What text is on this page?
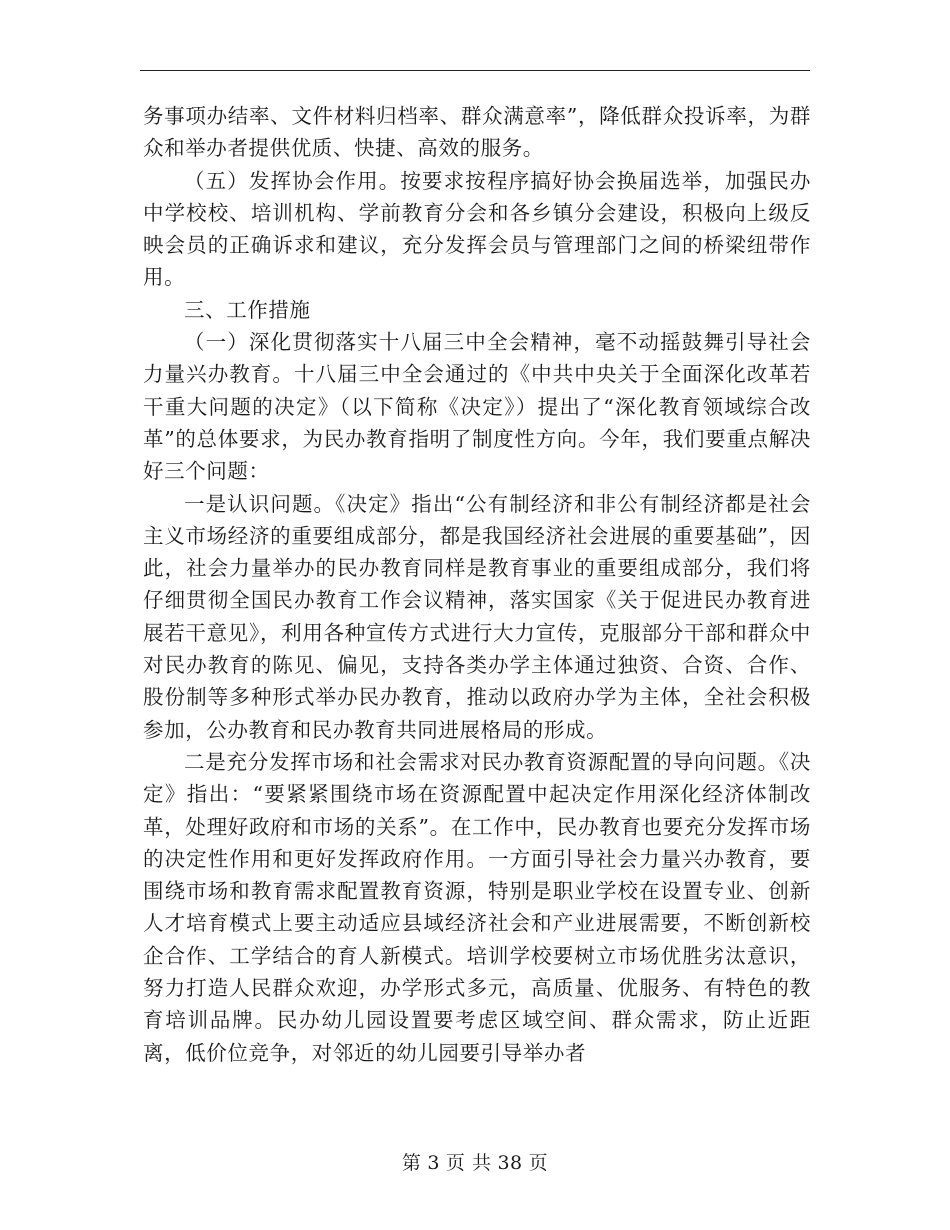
务事项办结率、文件材料归档率、群众满意率”，降低群众投诉率，为群众和举办者提供优质、快捷、高效的服务。

（五）发挥协会作用。按要求按程序搞好协会换届选举，加强民办中学校校、培训机构、学前教育分会和各乡镇分会建设，积极向上级反映会员的正确诉求和建议，充分发挥会员与管理部门之间的桥梁纽带作用。

三、工作措施

（一）深化贯彻落实十八届三中全会精神，毫不动摇鼓舞引导社会力量兴办教育。十八届三中全会通过的《中共中央关于全面深化改革若干重大问题的决定》（以下简称《决定》）提出了“深化教育领域综合改革”的总体要求，为民办教育指明了制度性方向。今年，我们要重点解决好三个问题：

一是认识问题。《决定》指出“公有制经济和非公有制经济都是社会主义市场经济的重要组成部分，都是我国经济社会进展的重要基础”，因此，社会力量举办的民办教育同样是教育事业的重要组成部分，我们将仔细贯彻全国民办教育工作会议精神，落实国家《关于促进民办教育进展若干意见》，利用各种宣传方式进行大力宣传，克服部分干部和群众中对民办教育的陈见、偏见，支持各类办学主体通过独资、合资、合作、股份制等多种形式举办民办教育，推动以政府办学为主体，全社会积极参加，公办教育和民办教育共同进展格局的形成。

二是充分发挥市场和社会需求对民办教育资源配置的导向问题。《决定》指出：“要紧紧围绕市场在资源配置中起决定作用深化经济体制改革，处理好政府和市场的关系”。在工作中，民办教育也要充分发挥市场的决定性作用和更好发挥政府作用。一方面引导社会力量兴办教育，要围绕市场和教育需求配置教育资源，特别是职业学校在设置专业、创新人才培育模式上要主动适应县域经济社会和产业进展需要，不断创新校企合作、工学结合的育人新模式。培训学校要树立市场优胜劣汰意识，努力打造人民群众欢迎，办学形式多元，高质量、优服务、有特色的教育培训品牌。民办幼儿园设置要考虑区域空间、群众需求，防止近距离，低价位竞争，对邻近的幼儿园要引导举办者

第 3 页 共 38 页
